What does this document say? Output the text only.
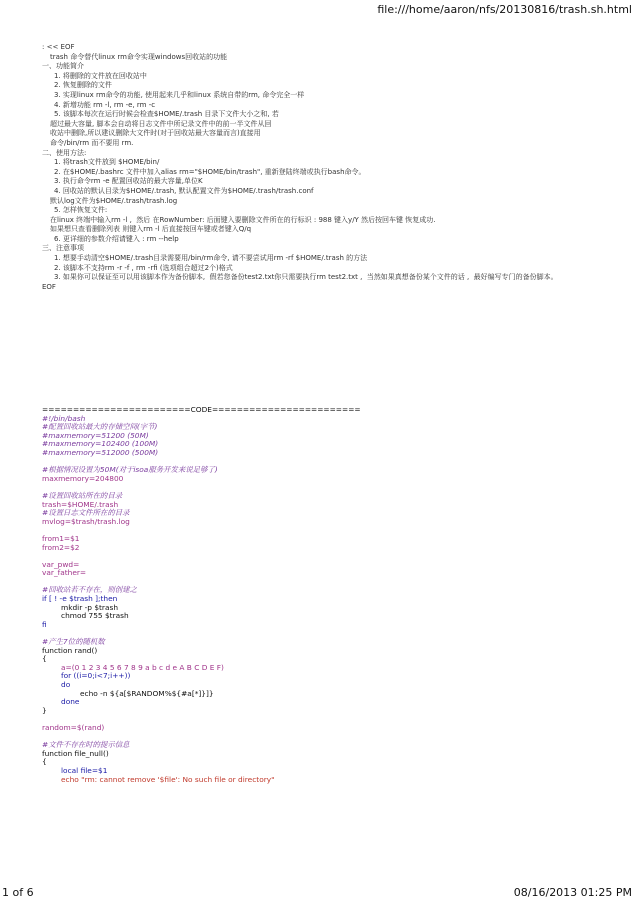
file:///home/aaron/nfs/20130816/trash.sh.html
: << EOF
trash 命令替代linux rm命令实现windows回收站的功能
一、功能简介
1. 将删除的文件放在回收站中
2. 恢复删除的文件
3. 实现linux rm命令的功能, 使用起来几乎和linux 系统自带的rm, 命令完全一样
4. 新增功能 rm -l, rm -e, rm -c
5. 该脚本每次在运行时候会检查$HOME/.trash 目录下文件大小之和, 若
超过最大容量, 脚本会自动将日志文件中所记录文件中的前一半文件从回
收站中删除,所以建议删除大文件时(对于回收站最大容量而言)直接用
命令/bin/rm 而不要用 rm.
二、使用方法:
1. 将trash文件放到 $HOME/bin/
2. 在$HOME/.bashrc 文件中加入alias rm="$HOME/bin/trash", 重新登陆终端或执行bash命令。
3. 执行命令rm -e 配置回收站的最大容量,单位K
4. 回收站的默认目录为$HOME/.trash, 默认配置文件为$HOME/.trash/trash.conf
默认log文件为$HOME/.trash/trash.log
5. 怎样恢复文件:
在linux 终端中输入rm -l ,  然后 在RowNumber: 后面键入要删除文件所在的行标识 : 988 键入y/Y 然后按回车键 恢复成功.
如果想只查看删除列表 则键入rm -l 后直接按回车键或者键入Q/q
6. 更详细的参数介绍请键入 : rm --help
三、注意事项
1. 想要手动清空$HOME/.trash目录需要用/bin/rm命令, 请不要尝试用rm -rf $HOME/.trash 的方法
2. 该脚本不支持rm -r -f , rm -rfi (选项组合超过2个)格式
3. 如果你可以保证至可以用该脚本作为备份脚本,  假若您备份test2.txt你只需要执行rm test2.txt ,  当然如果真想备份某个文件的话 ,  最好编写专门的备份脚本。
EOF
========================CODE========================
#!/bin/bash
#配置回收站最大的存储空间(字节)
#maxmemory=51200 (50M)
#maxmemory=102400 (100M)
#maxmemory=512000 (500M)
#根据情况设置为50M(对于isoa服务开发来说足够了)
maxmemory=204800
#设置回收站所在的目录
trash=$HOME/.trash
#设置日志文件所在的目录
mvlog=$trash/trash.log
from1=$1
from2=$2
var_pwd=
var_father=
#回收站若不存在，则创建之
if [ ! -e $trash ];then
mkdir -p $trash
chmod 755 $trash
fi
#产生7位的随机数
function rand()
{
a=(0 1 2 3 4 5 6 7 8 9 a b c d e A B C D E F)
for ((i=0;i<7;i++))
do
echo -n ${a[$RANDOM%${#a[*]}]}
done
}
random=$(rand)
#文件不存在时的提示信息
function file_null()
{
local file=$1
echo "rm: cannot remove '$file': No such file or directory"
1 of 6	08/16/2013 01:25 PM
